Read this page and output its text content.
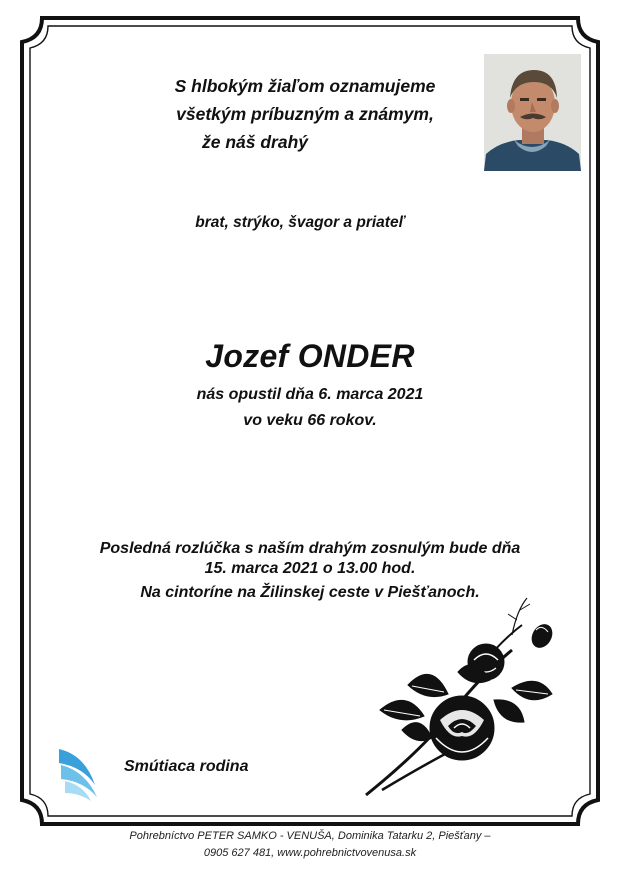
S hlbokým žiaľom oznamujeme
všetkým príbuzným a známym,
že náš drahý
brat, strýko, švagor a priateľ
Jozef ONDER
nás opustil dňa 6. marca 2021
vo veku 66 rokov.
Posledná rozlúčka s naším drahým zosnulým bude dňa
15. marca 2021 o 13.00 hod.
Na cintoríne na Žilinskej ceste v Piešťanoch.
Smútiaca rodina
Pohrebníctvo PETER SAMKO - VENUŠA, Dominika Tatarku 2, Piešťany –
0905 627 481, www.pohrebnictvovenusa.sk
